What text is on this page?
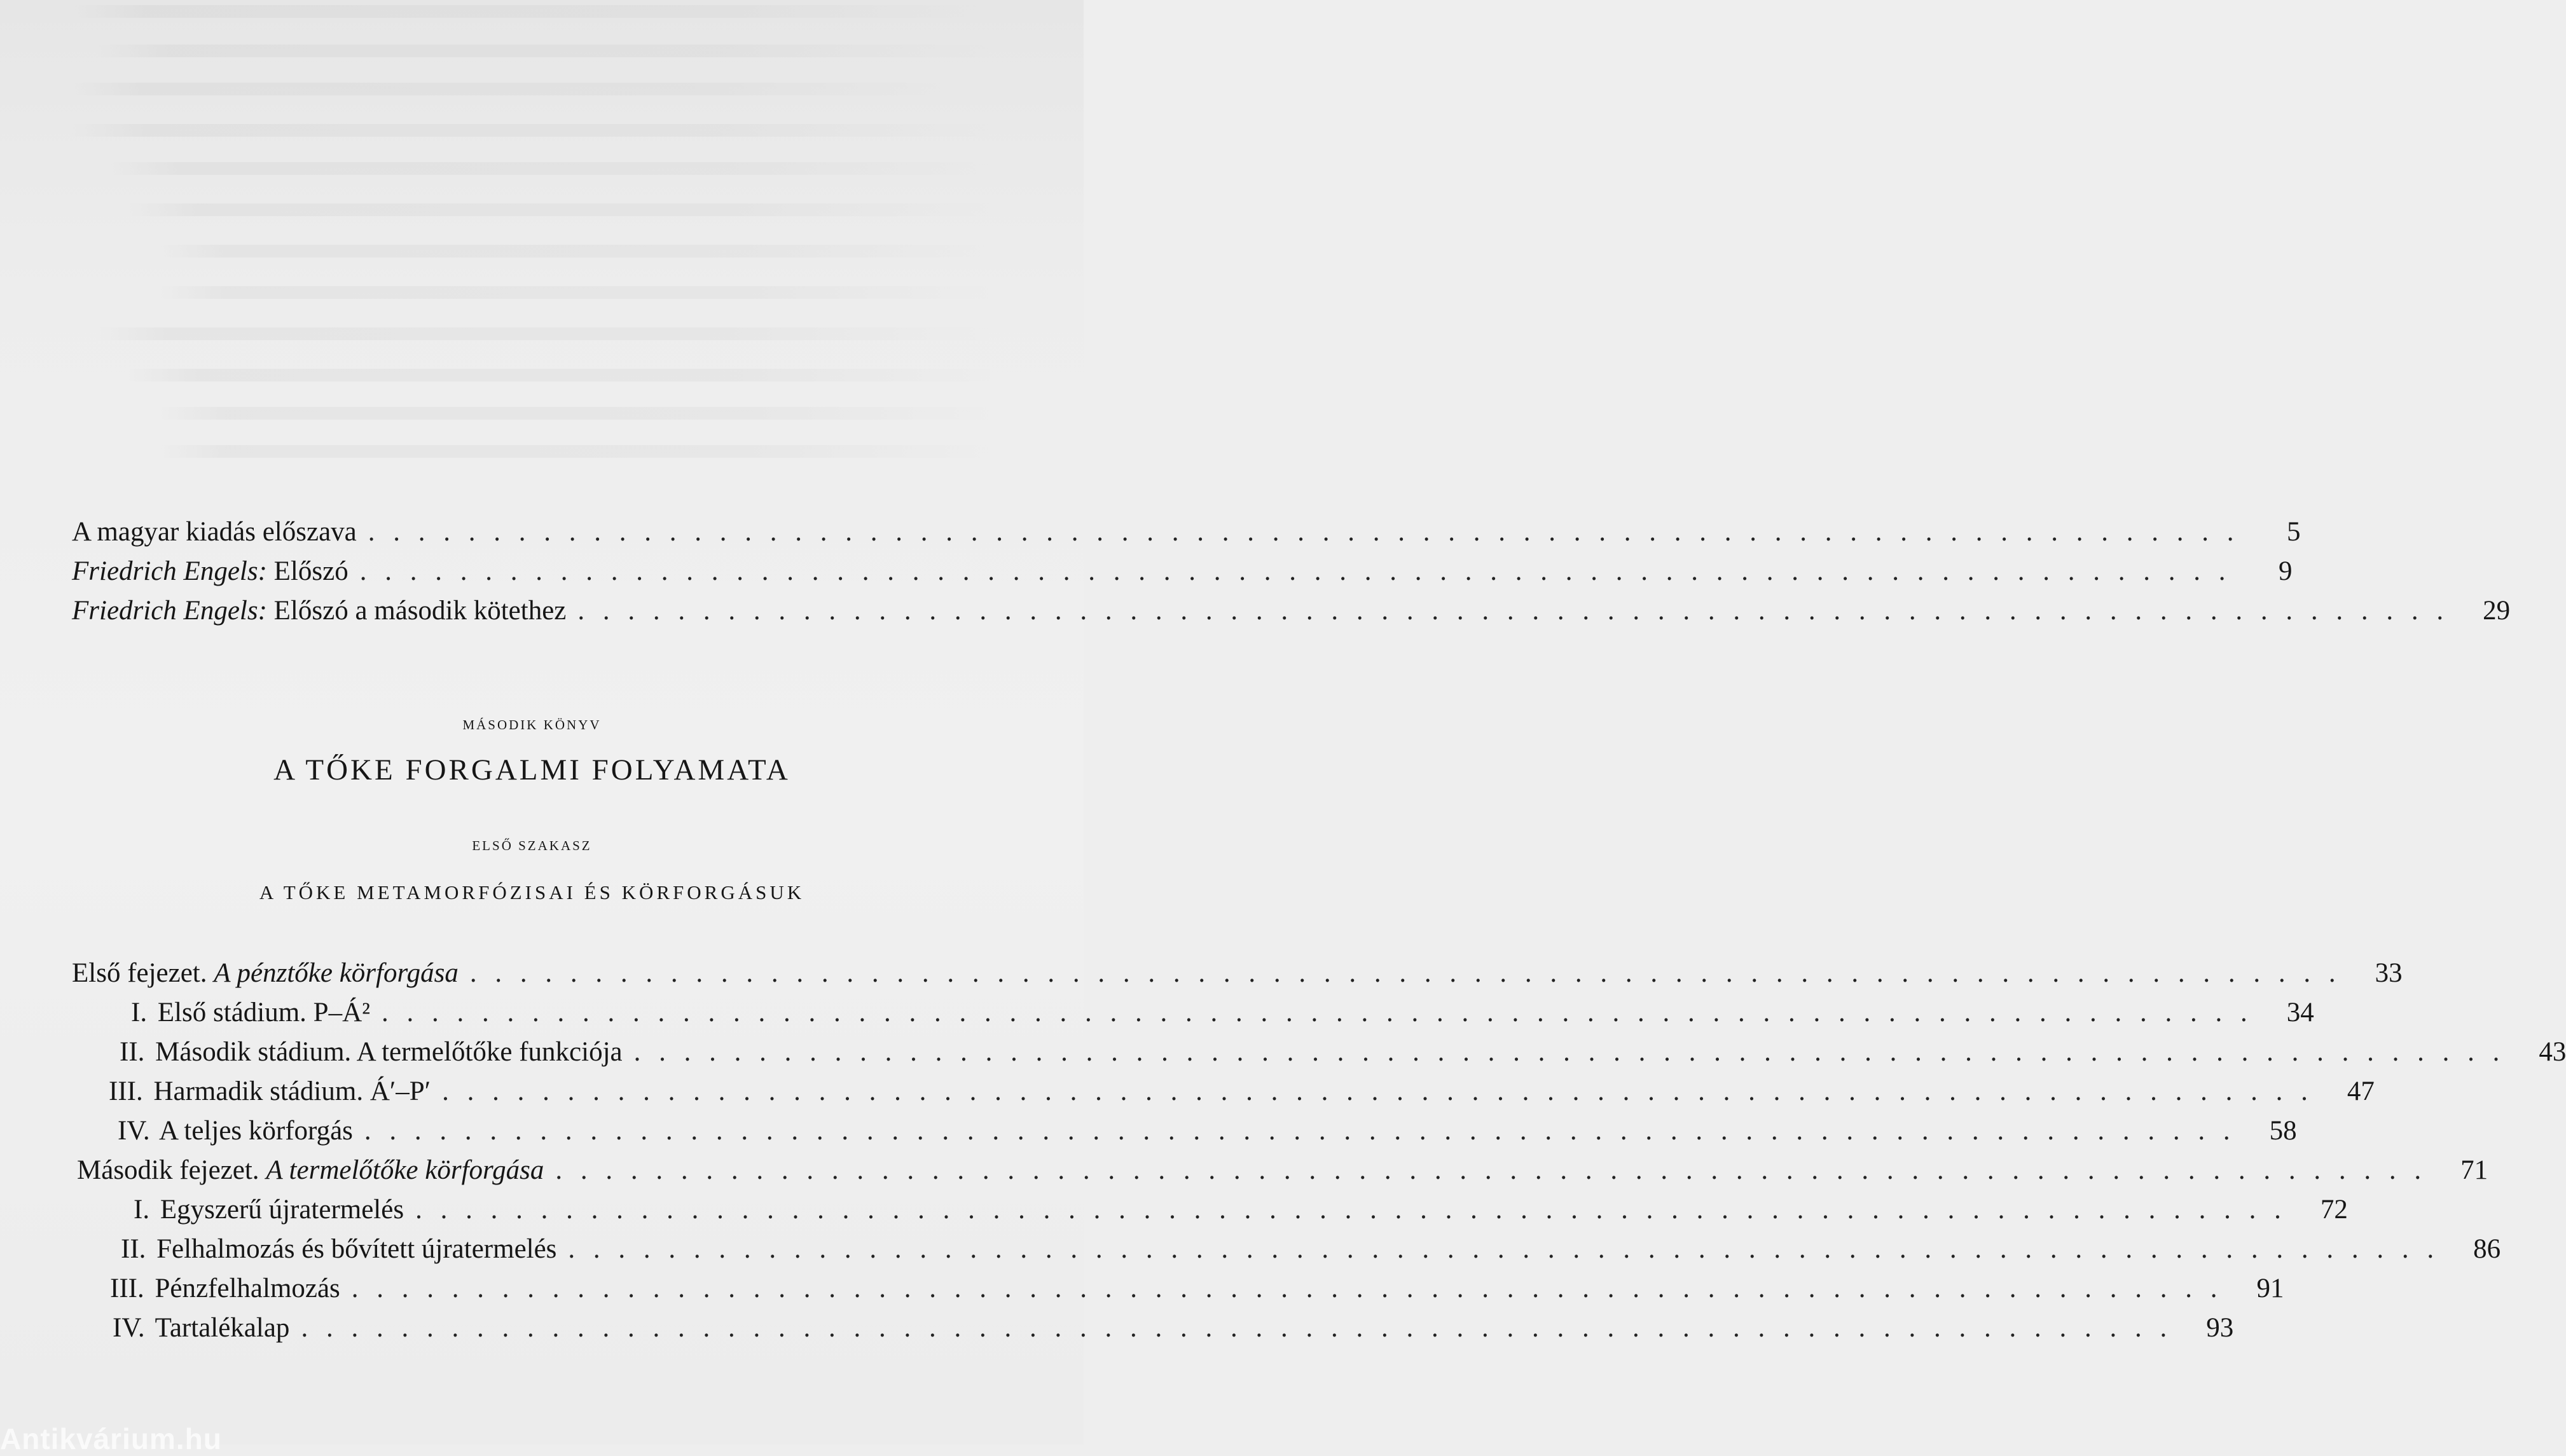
A magyar kiadás előszava . . . . . . . . . . . . . . . . . . . . . . . . . . . . . . . . . . . . . . . . . . . . . . . . . . . . . . . . . . . . . . . . . . . . . . . . . . .	5
Friedrich Engels: Előszó . . . . . . . . . . . . . . . . . . . . . . . . . . . . . . . . . . . . . . . . . . . . . . . . . . . . . . . . . . . . . . . . . . . . . . . . . . .	9
Friedrich Engels: Előszó a második kötethez . . . . . . . . . . . . . . . . . . . . . . . . . . . . . . . . . . . . . . . . . . . . . . . . . . . . . . . . . . . . . . . . . . . . . . . . . . .	29
MÁSODIK KÖNYV
A TŐKE FORGALMI FOLYAMATA
ELSŐ SZAKASZ
A TŐKE METAMORFÓZISAI ÉS KÖRFORGÁSUK
Első fejezet. A pénztőke körforgása . . . . . . . . . . . . . . . . . . . . . . . . . . . . . . . . . . . . . . . . . . . . . . . . . . . . . . . . . . . . . . . . . . . . . . . . . . .	33
I. Első stádium. P–Á² . . . . . . . . . . . . . . . . . . . . . . . . . . . . . . . . . . . . . . . . . . . . . . . . . . . . . . . . . . . . . . . . . . . . . . . . . . .	34
II. Második stádium. A termelőtőke funkciója . . . . . . . . . . . . . . . . . . . . . . . . . . . . . . . . . . . . . . . . . . . . . . . . . . . . . . . . . . . . . . . . . . . . . . . . . . .	43
III. Harmadik stádium. Á′–P′ . . . . . . . . . . . . . . . . . . . . . . . . . . . . . . . . . . . . . . . . . . . . . . . . . . . . . . . . . . . . . . . . . . . . . . . . . . .	47
IV. A teljes körforgás . . . . . . . . . . . . . . . . . . . . . . . . . . . . . . . . . . . . . . . . . . . . . . . . . . . . . . . . . . . . . . . . . . . . . . . . . . .	58
Második fejezet. A termelőtőke körforgása . . . . . . . . . . . . . . . . . . . . . . . . . . . . . . . . . . . . . . . . . . . . . . . . . . . . . . . . . . . . . . . . . . . . . . . . . . .	71
I. Egyszerű újratermelés . . . . . . . . . . . . . . . . . . . . . . . . . . . . . . . . . . . . . . . . . . . . . . . . . . . . . . . . . . . . . . . . . . . . . . . . . . .	72
II. Felhalmozás és bővített újratermelés . . . . . . . . . . . . . . . . . . . . . . . . . . . . . . . . . . . . . . . . . . . . . . . . . . . . . . . . . . . . . . . . . . . . . . . . . . .	86
III. Pénzfelhalmozás . . . . . . . . . . . . . . . . . . . . . . . . . . . . . . . . . . . . . . . . . . . . . . . . . . . . . . . . . . . . . . . . . . . . . . . . . . .	91
IV. Tartalékalap . . . . . . . . . . . . . . . . . . . . . . . . . . . . . . . . . . . . . . . . . . . . . . . . . . . . . . . . . . . . . . . . . . . . . . . . . . .	93
Antikvárium.hu
